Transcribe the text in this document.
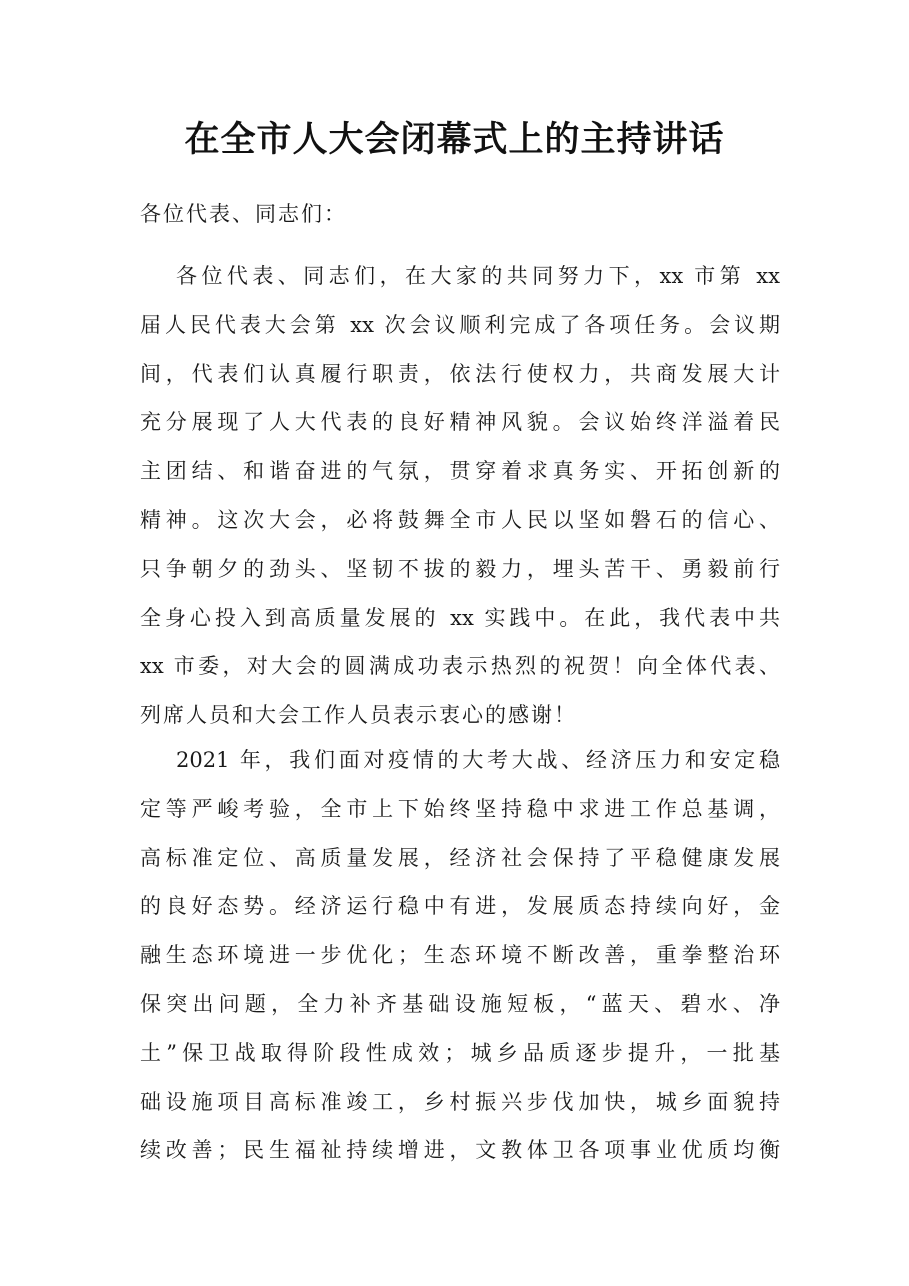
在全市人大会闭幕式上的主持讲话
各位代表、同志们：
各位代表、同志们，在大家的共同努力下，xx 市第 xx
届人民代表大会第 xx 次会议顺利完成了各项任务。会议期
间，代表们认真履行职责，依法行使权力，共商发展大计
充分展现了人大代表的良好精神风貌。会议始终洋溢着民
主团结、和谐奋进的气氛，贯穿着求真务实、开拓创新的
精神。这次大会，必将鼓舞全市人民以坚如磐石的信心、
只争朝夕的劲头、坚韧不拔的毅力，埋头苦干、勇毅前行
全身心投入到高质量发展的 xx 实践中。在此，我代表中共
xx 市委，对大会的圆满成功表示热烈的祝贺！向全体代表、
列席人员和大会工作人员表示衷心的感谢！
2021 年，我们面对疫情的大考大战、经济压力和安定稳
定等严峻考验，全市上下始终坚持稳中求进工作总基调，
高标准定位、高质量发展，经济社会保持了平稳健康发展
的良好态势。经济运行稳中有进，发展质态持续向好，金
融生态环境进一步优化；生态环境不断改善，重拳整治环
保突出问题，全力补齐基础设施短板，“蓝天、碧水、净
土”保卫战取得阶段性成效；城乡品质逐步提升，一批基
础设施项目高标准竣工，乡村振兴步伐加快，城乡面貌持
续改善；民生福祉持续增进，文教体卫各项事业优质均衡
